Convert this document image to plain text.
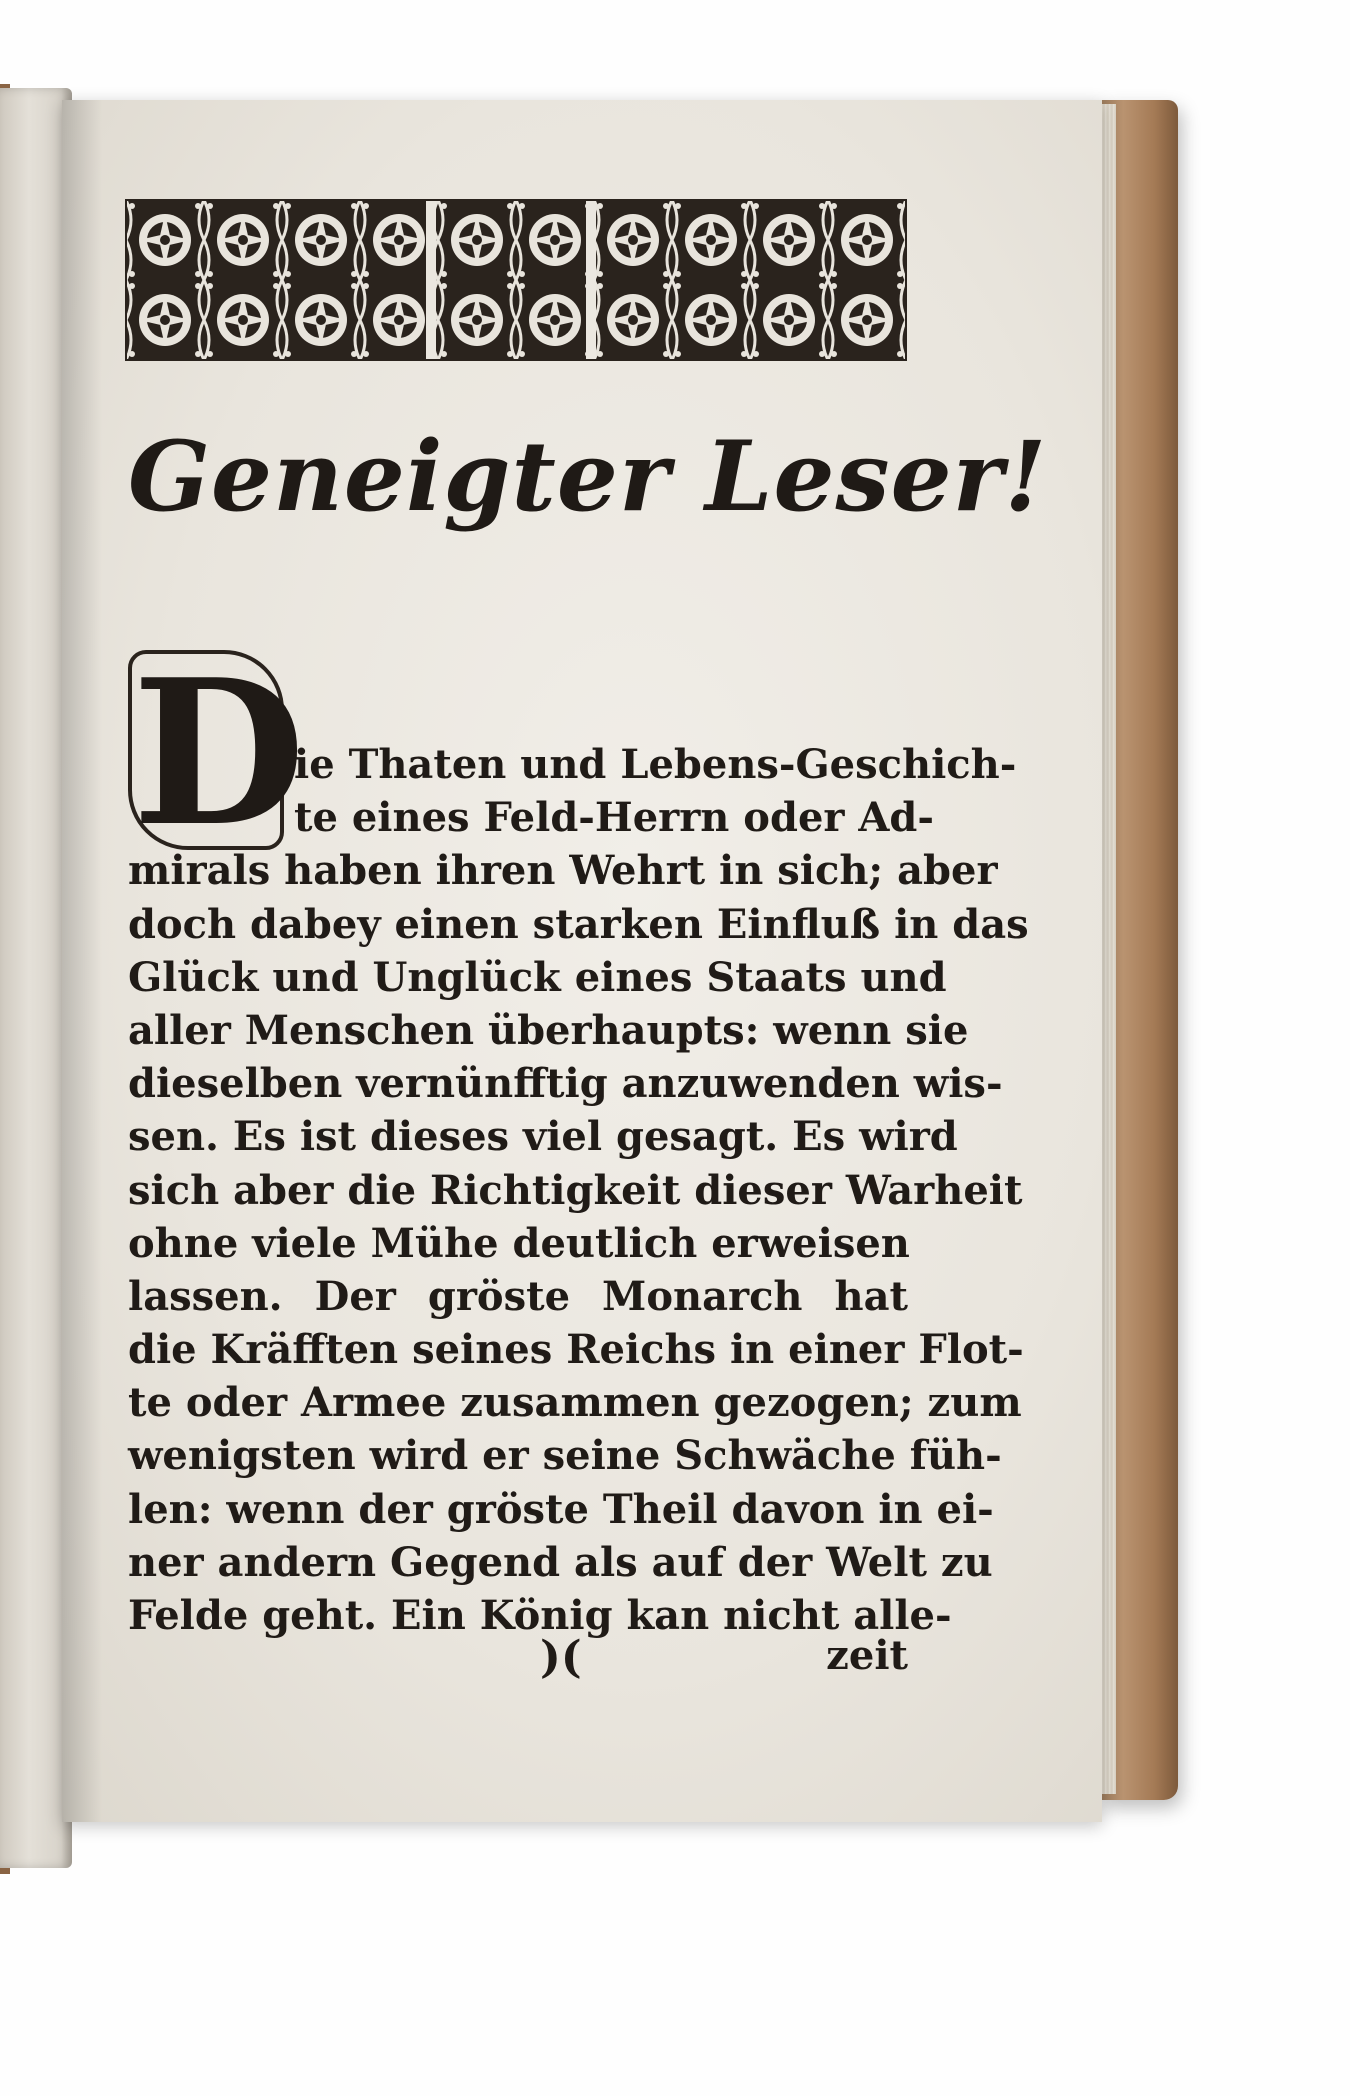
Geneigter Leser!
D
ie Thaten und Lebens-Geschich-
te eines Feld-Herrn oder Ad-
mirals haben ihren Wehrt in sich; aber
doch dabey einen starken Einfluß in das
Glück und Unglück eines Staats und
aller Menschen überhaupts: wenn sie
dieselben vernünfftig anzuwenden wis-
sen. Es ist dieses viel gesagt. Es wird
sich aber die Richtigkeit dieser Warheit
ohne viele Mühe deutlich erweisen
lassen. Der gröste Monarch hat
die Kräfften seines Reichs in einer Flot-
te oder Armee zusammen gezogen; zum
wenigsten wird er seine Schwäche füh-
len: wenn der gröste Theil davon in ei-
ner andern Gegend als auf der Welt zu
Felde geht. Ein König kan nicht alle-
)(	zeit
